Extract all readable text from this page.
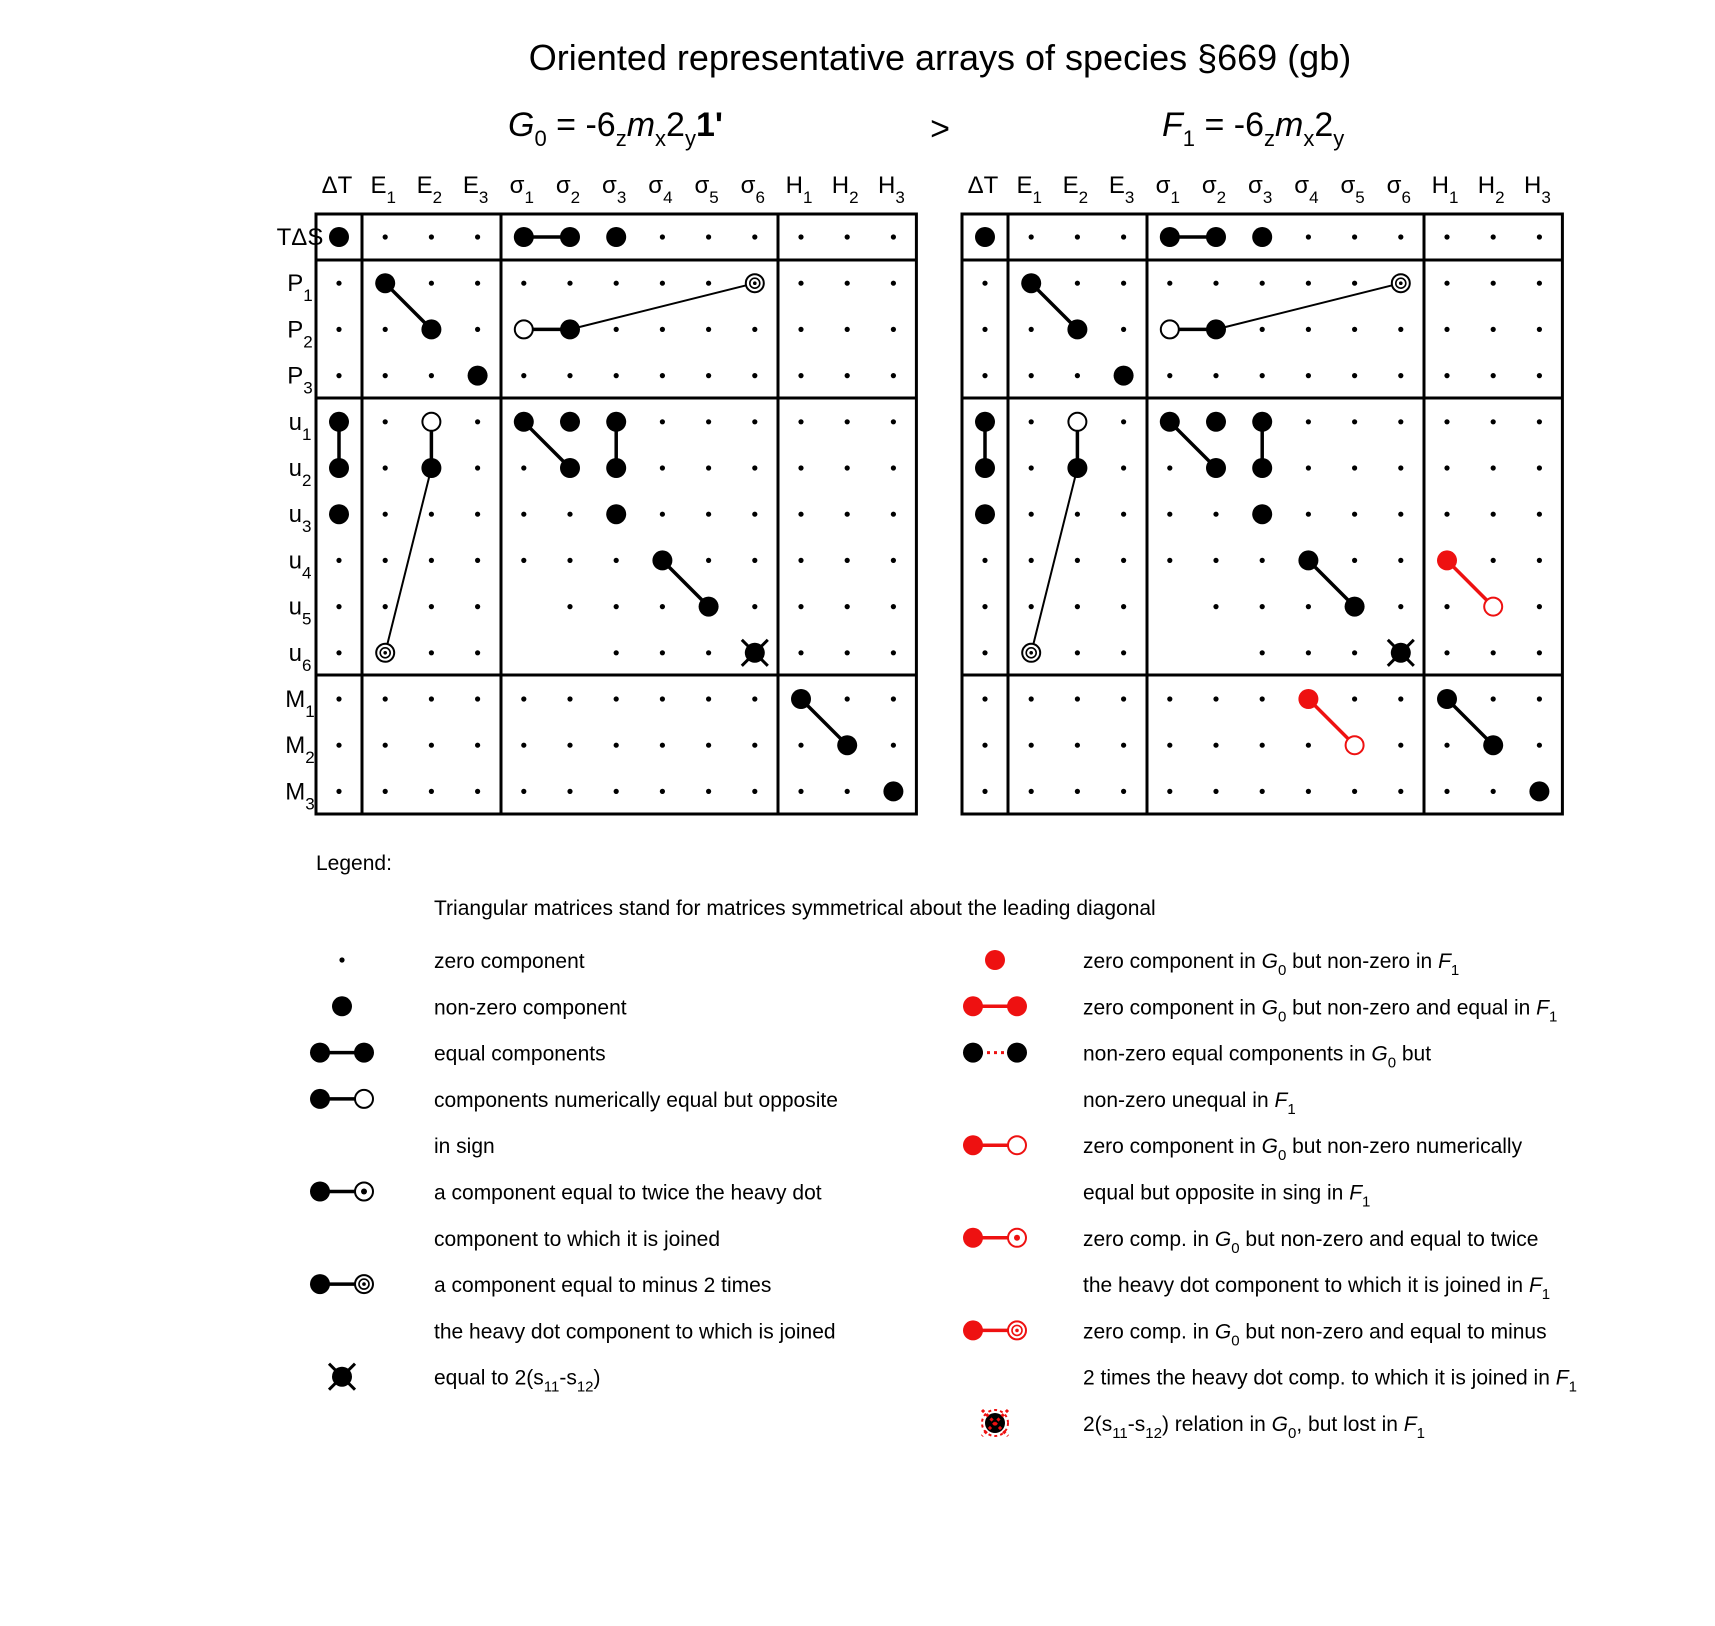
Oriented representative arrays of species §669 (gb)
$G_0 = -6_zm_x2_y1'$	$F_1 = -6_zm_x2_y$
>
ΔT $E_1$ $E_2$ $E_3$ $\sigma_1$ $\sigma_2$ $\sigma_3$ $\sigma_4$ $\sigma_5$ $\sigma_6$ $H_1$ $H_2$ $H_3$
TΔS
$P_1$
$P_2$
$P_3$
$u_1$
$u_2$
$u_3$
$u_4$
$u_5$
$u_6$
$M_1$
$M_2$
$M_3$
ΔT $E_1$ $E_2$ $E_3$ $\sigma_1$ $\sigma_2$ $\sigma_3$ $\sigma_4$ $\sigma_5$ $\sigma_6$ $H_1$ $H_2$ $H_3$
Legend:
Triangular matrices stand for matrices symmetrical about the leading diagonal
zero component
non-zero component
equal components
components numerically equal but opposite
in sign
a component equal to twice the heavy dot
component to which it is joined
a component equal to minus 2 times
the heavy dot component to which is joined
equal to $2(s_{11}-s_{12})$
zero component in $G_0$ but non-zero in $F_1$
zero component in $G_0$ but non-zero and equal in $F_1$
non-zero equal components in $G_0$ but
non-zero unequal in $F_1$
zero component in $G_0$ but non-zero numerically
equal but opposite in sing in $F_1$
zero comp. in $G_0$ but non-zero and equal to twice
the heavy dot component to which it is joined in $F_1$
zero comp. in $G_0$ but non-zero and equal to minus
2 times the heavy dot comp. to which it is joined in $F_1$
$2(s_{11}-s_{12})$ relation in $G_0$, but lost in $F_1$
